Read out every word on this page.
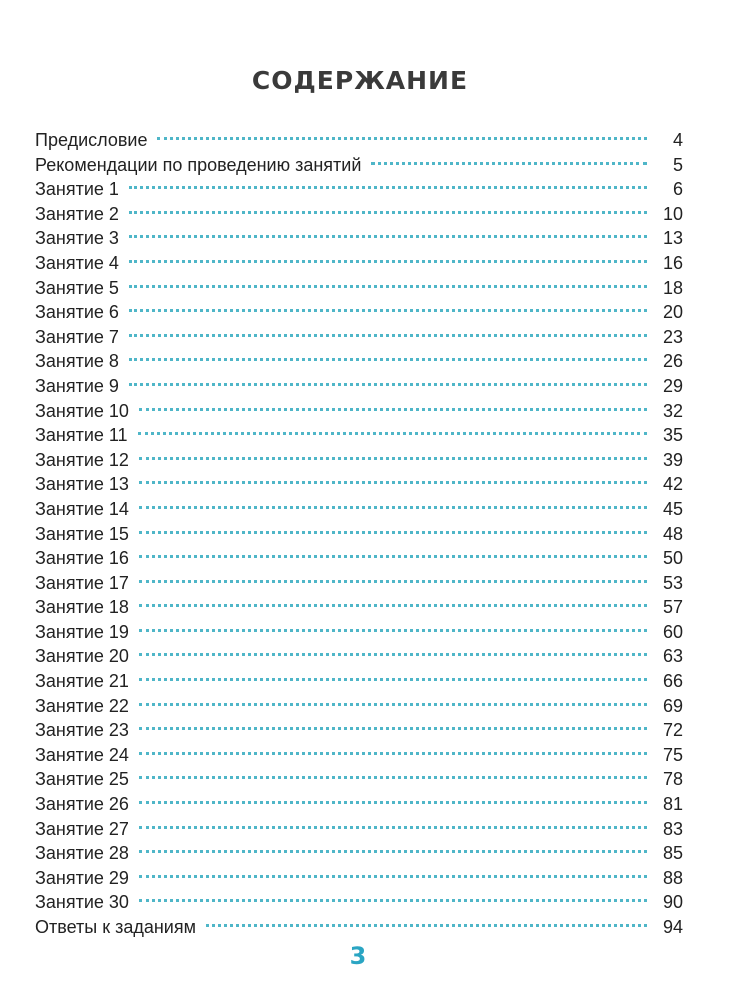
СОДЕРЖАНИЕ
Предисловие	4
Рекомендации по проведению занятий	5
Занятие 1	6
Занятие 2	10
Занятие 3	13
Занятие 4	16
Занятие 5	18
Занятие 6	20
Занятие 7	23
Занятие 8	26
Занятие 9	29
Занятие 10	32
Занятие 11	35
Занятие 12	39
Занятие 13	42
Занятие 14	45
Занятие 15	48
Занятие 16	50
Занятие 17	53
Занятие 18	57
Занятие 19	60
Занятие 20	63
Занятие 21	66
Занятие 22	69
Занятие 23	72
Занятие 24	75
Занятие 25	78
Занятие 26	81
Занятие 27	83
Занятие 28	85
Занятие 29	88
Занятие 30	90
Ответы к заданиям	94
3
